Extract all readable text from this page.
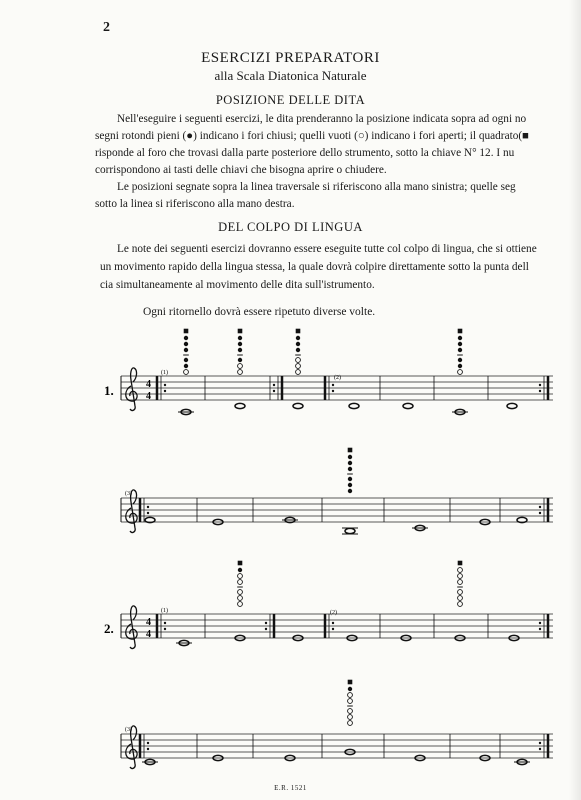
2
ESERCIZI PREPARATORI
alla Scala Diatonica Naturale
POSIZIONE DELLE DITA
Nell'eseguire i seguenti esercizi, le dita prenderanno la posizione indicata sopra ad ogni no
segni rotondi pieni (●) indicano i fori chiusi; quelli vuoti (○) indicano i fori aperti; il quadrato(■
risponde al foro che trovasi dalla parte posteriore dello strumento, sotto la chiave N° 12. I nu
corrispondono ai tasti delle chiavi che bisogna aprire o chiudere.
Le posizioni segnate sopra la linea traversale si riferiscono alla mano sinistra; quelle seg
sotto la linea si riferiscono alla mano destra.
DEL COLPO DI LINGUA
Le note dei seguenti esercizi dovranno essere eseguite tutte col colpo di lingua, che si ottiene
un movimento rapido della lingua stessa, la quale dovrà colpire direttamente sotto la punta dell
cia simultaneamente al movimento delle dita sull'istrumento.
Ogni ritornello dovrà essere ripetuto diverse volte.
1.	4
4
(1)
(2)
(3)
2.	4
4
(1)	(2)
(3)
E.R. 1521
